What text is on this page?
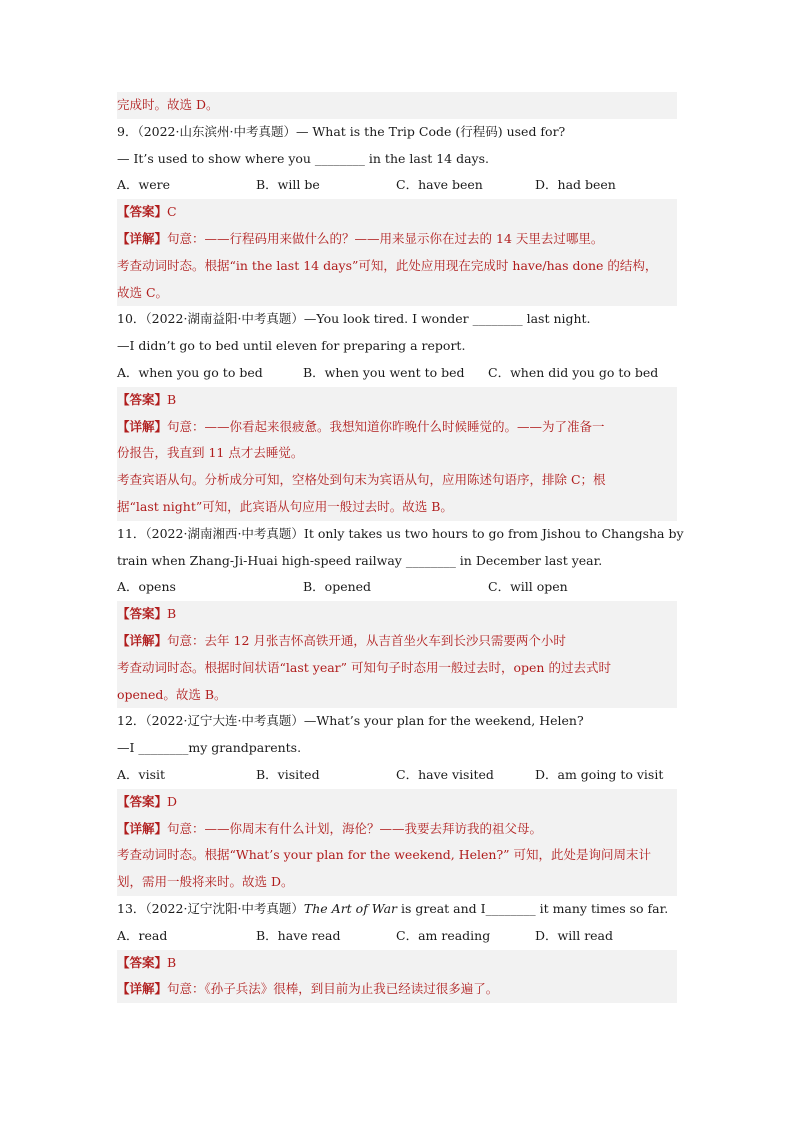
完成时。故选 D。
9．（2022·山东滨州·中考真题）— What is the Trip Code (行程码) used for?
— It’s used to show where you ________ in the last 14 days.
A．were	B．will be	C．have been	D．had been
【答案】C
【详解】句意：——行程码用来做什么的？——用来显示你在过去的 14 天里去过哪里。
考查动词时态。根据“in the last 14 days”可知，此处应用现在完成时 have/has done 的结构，
故选 C。
10．（2022·湖南益阳·中考真题）—You look tired. I wonder ________ last night.
—I didn’t go to bed until eleven for preparing a report.
A．when you go to bed	B．when you went to bed C．when did you go to bed
【答案】B
【详解】句意：——你看起来很疲惫。我想知道你昨晚什么时候睡觉的。——为了准备一
份报告，我直到 11 点才去睡觉。
考查宾语从句。分析成分可知，空格处到句末为宾语从句，应用陈述句语序，排除 C；根
据“last night”可知，此宾语从句应用一般过去时。故选 B。
11．（2022·湖南湘西·中考真题）It only takes us two hours to go from Jishou to Changsha by
train when Zhang-Ji-Huai high-speed railway ________ in December last year.
A．opens	B．opened	C．will open
【答案】B
【详解】句意：去年 12 月张吉怀高铁开通，从吉首坐火车到长沙只需要两个小时
考查动词时态。根据时间状语“last year” 可知句子时态用一般过去时，open 的过去式时
opened。故选 B。
12．（2022·辽宁大连·中考真题）—What’s your plan for the weekend, Helen?
—I ________my grandparents.
A．visit	B．visited	C．have visited	D．am going to visit
【答案】D
【详解】句意：——你周末有什么计划，海伦？——我要去拜访我的祖父母。
考查动词时态。根据“What’s your plan for the weekend, Helen?” 可知，此处是询问周末计
划，需用一般将来时。故选 D。
13．（2022·辽宁沈阳·中考真题）The Art of War is great and I________ it many times so far.
A．read	B．have read	C．am reading	D．will read
【答案】B
【详解】句意：《孙子兵法》很棒，到目前为止我已经读过很多遍了。
